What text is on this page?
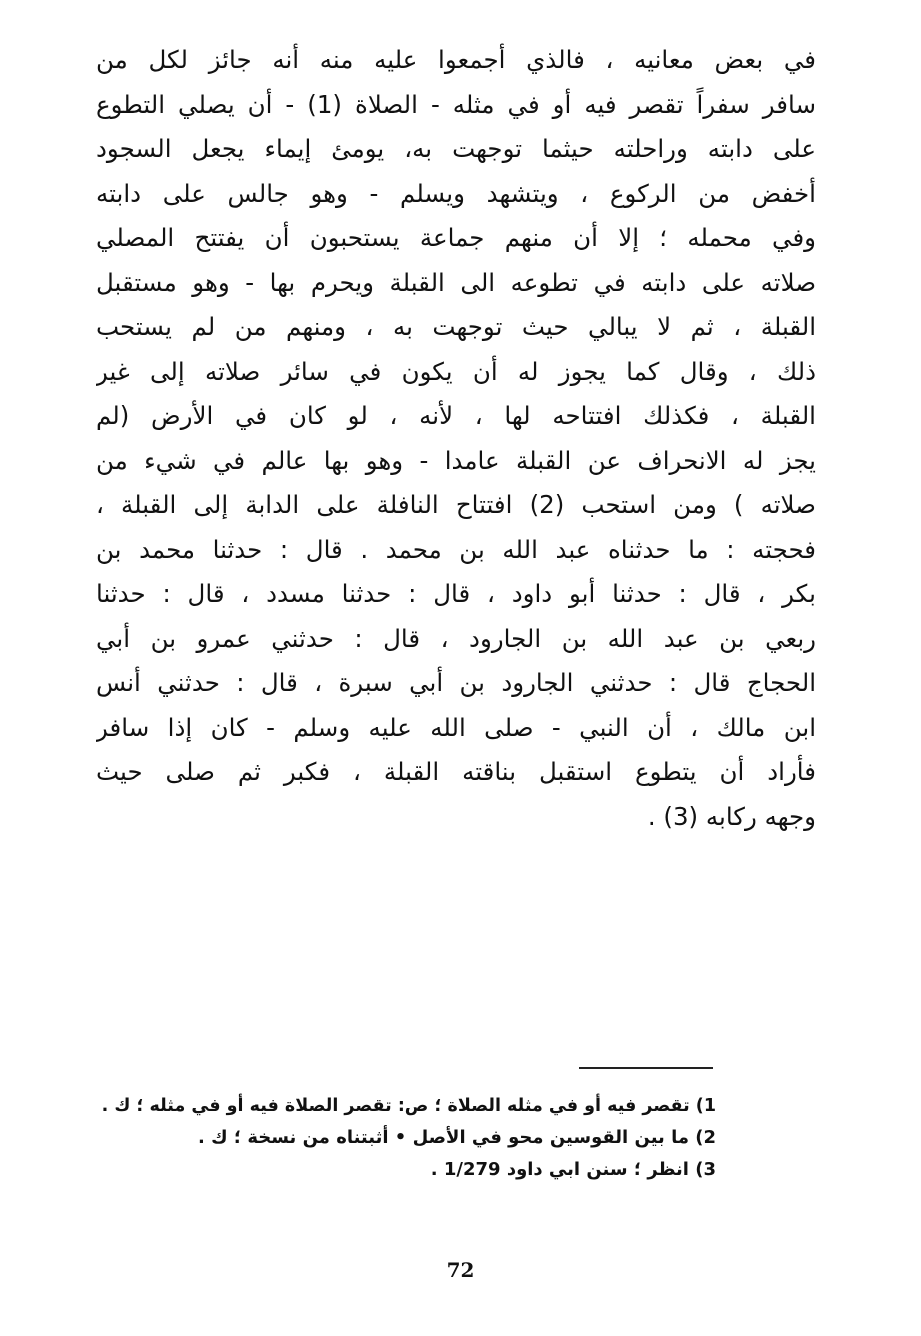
في بعض معانيه ، فالذي أجمعوا عليه منه أنه جائز لكل من
سافر سفراً تقصر فيه أو في مثله - الصلاة (1) - أن يصلي التطوع
على دابته وراحلته حيثما توجهت به، يومئ إيماء يجعل السجود
أخفض من الركوع ، ويتشهد ويسلم - وهو جالس على دابته
وفي محمله ؛ إلا أن منهم جماعة يستحبون أن يفتتح المصلي
صلاته على دابته في تطوعه الى القبلة ويحرم بها - وهو مستقبل
القبلة ، ثم لا يبالي حيث توجهت به ، ومنهم من لم يستحب
ذلك ، وقال كما يجوز له أن يكون في سائر صلاته إلى غير
القبلة ، فكذلك افتتاحه لها ، لأنه ، لو كان في الأرض (لم
يجز له الانحراف عن القبلة عامدا - وهو بها عالم في شيء من
صلاته ) ومن استحب (2) افتتاح النافلة على الدابة إلى القبلة ،
فحجته : ما حدثناه عبد الله بن محمد . قال : حدثنا محمد بن
بكر ، قال : حدثنا أبو داود ، قال : حدثنا مسدد ، قال : حدثنا
ربعي بن عبد الله بن الجارود ، قال : حدثني عمرو بن أبي
الحجاج قال : حدثني الجارود بن أبي سبرة ، قال : حدثني أنس
ابن مالك ، أن النبي - صلى الله عليه وسلم - كان إذا سافر
فأراد أن يتطوع استقبل بناقته القبلة ، فكبر ثم صلى حيث
وجهه ركابه (3) .
1) تقصر فيه أو في مثله الصلاة ؛ ص: تقصر الصلاة فيه أو في مثله ؛ ك .
2) ما بين القوسين محو في الأصل • أثبتناه من نسخة ؛ ك .
3) انظر ؛ سنن ابي داود 1/279 .
72
